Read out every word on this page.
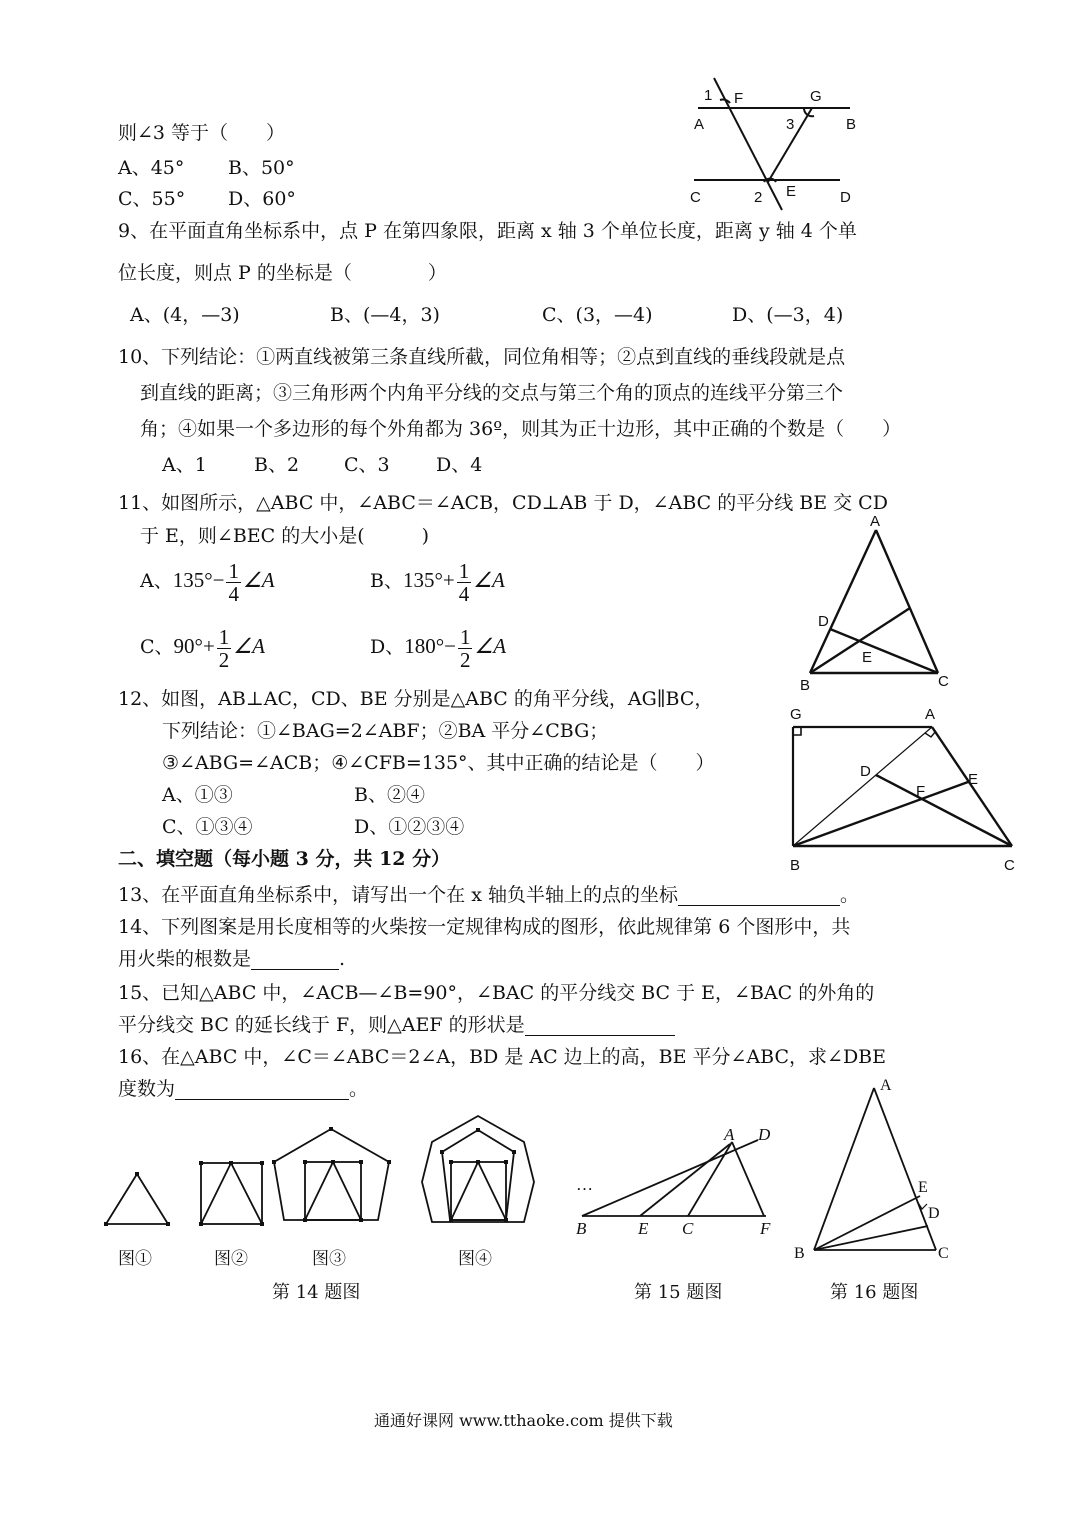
则∠3 等于（　　）
A、45° B、50°
C、55° D、60°
1 F	G
A	3	B
C	2 E	D
9、在平面直角坐标系中，点 P 在第四象限，距离 x 轴 3 个单位长度，距离 y 轴 4 个单
位长度，则点 P 的坐标是（　　　　）
A、(4，—3)	B、(—4，3)	C、(3，—4)	D、(—3，4)
10、下列结论：①两直线被第三条直线所截，同位角相等；②点到直线的垂线段就是点
到直线的距离；③三角形两个内角平分线的交点与第三个角的顶点的连线平分第三个
角；④如果一个多边形的每个外角都为 36º，则其为正十边形，其中正确的个数是（　　）
A、1 B、2 C、3 D、4
11、如图所示，△ABC 中，∠ABC＝∠ACB，CD⊥AB 于 D，∠ABC 的平分线 BE 交 CD
于 E，则∠BEC 的大小是(　　　)
A、$135^\circ- \frac{1}{4}$ ∠A	B、$135^\circ+ \frac{1}{4}$ ∠A
C、$90^\circ+ \frac{1}{2}$ ∠A	D、$180^\circ- \frac{1}{2}$ ∠A
A
D
E
B	C
12、如图，AB⊥AC，CD、BE 分别是△ABC 的角平分线，AG∥BC，
下列结论：①∠BAG=2∠ABF；②BA 平分∠CBG；
③∠ABG=∠ACB；④∠CFB=135°、其中正确的结论是（　　）
A、①③	B、②④
C、①③④	D、①②③④
G	A
D
F
E
B	C
二、填空题（每小题 3 分，共 12 分）
13、在平面直角坐标系中，请写出一个在 x 轴负半轴上的点的坐标	。
14、下列图案是用长度相等的火柴按一定规律构成的图形，依此规律第 6 个图形中，共
用火柴的根数是	.
15、已知△ABC 中，∠ACB—∠B=90°，∠BAC 的平分线交 BC 于 E，∠BAC 的外角的
平分线交 BC 的延长线于 F，则△AEF 的形状是
16、在△ABC 中，∠C＝∠ABC＝2∠A，BD 是 AC 边上的高，BE 平分∠ABC，求∠DBE
度数为	。
图①	图②	图③	图④
第 14 题图
…
A D
B	E C	F
第 15 题图
A
E
D
B	C
第 16 题图
通通好课网 www.tthaoke.com 提供下载
